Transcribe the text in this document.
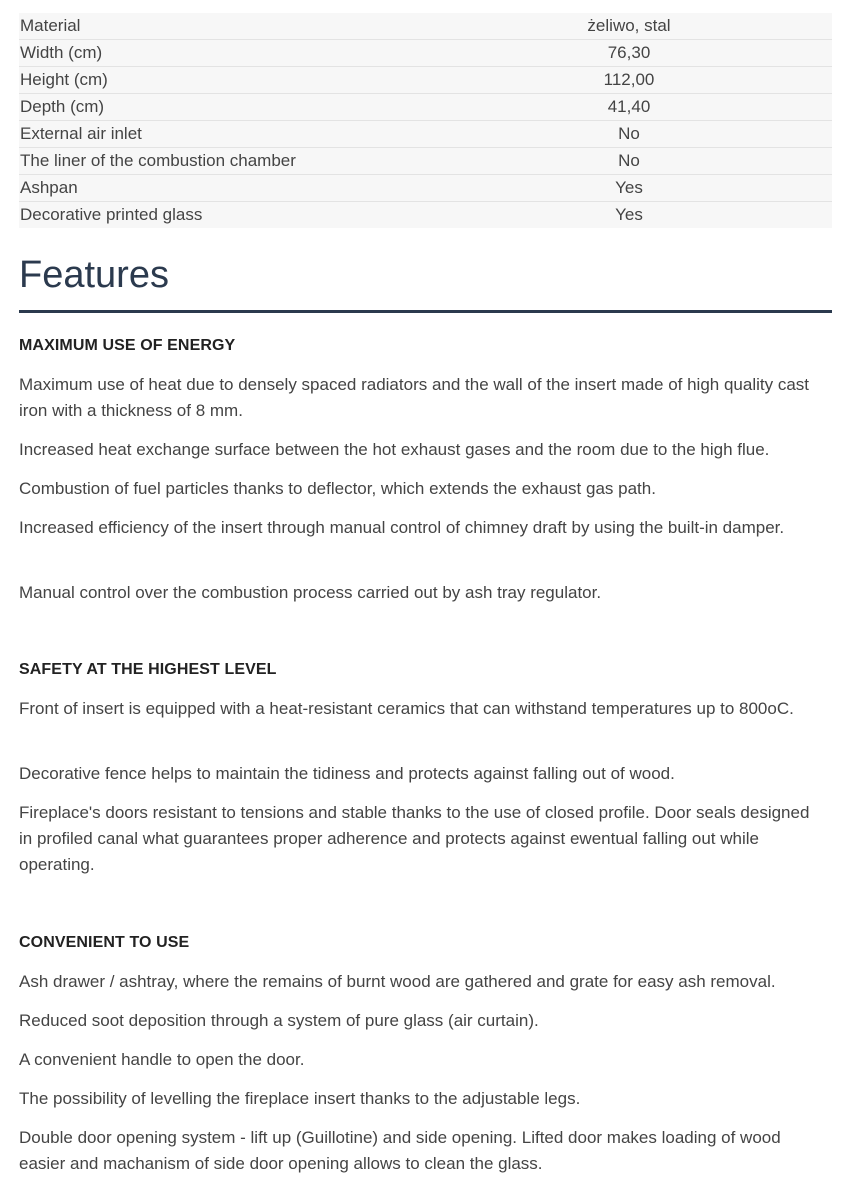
Material	żeliwo, stal
Width (cm)	76,30
Height (cm)	112,00
Depth (cm)	41,40
External air inlet	No
The liner of the combustion chamber	No
Ashpan	Yes
Decorative printed glass	Yes
Features
MAXIMUM USE OF ENERGY

Maximum use of heat due to densely spaced radiators and the wall of the insert made of high quality cast iron with a thickness of 8 mm.

Increased heat exchange surface between the hot exhaust gases and the room due to the high flue.

Combustion of fuel particles thanks to deflector, which extends the exhaust gas path.

Increased efficiency of the insert through manual control of chimney draft by using the built-in damper.

Manual control over the combustion process carried out by ash tray regulator.

SAFETY AT THE HIGHEST LEVEL

Front of insert is equipped with a heat-resistant ceramics that can withstand temperatures up to 800oC.

Decorative fence helps to maintain the tidiness and protects against falling out of wood.

Fireplace's doors resistant to tensions and stable thanks to the use of closed profile. Door seals designed in profiled canal what guarantees proper adherence and protects against ewentual falling out while operating.

CONVENIENT TO USE

Ash drawer / ashtray, where the remains of burnt wood are gathered and grate for easy ash removal.

Reduced soot deposition through a system of pure glass (air curtain).

A convenient handle to open the door.

The possibility of levelling the fireplace insert thanks to the adjustable legs.

Double door opening system - lift up (Guillotine) and side opening. Lifted door makes loading of wood easier and machanism of side door opening allows to clean the glass.
